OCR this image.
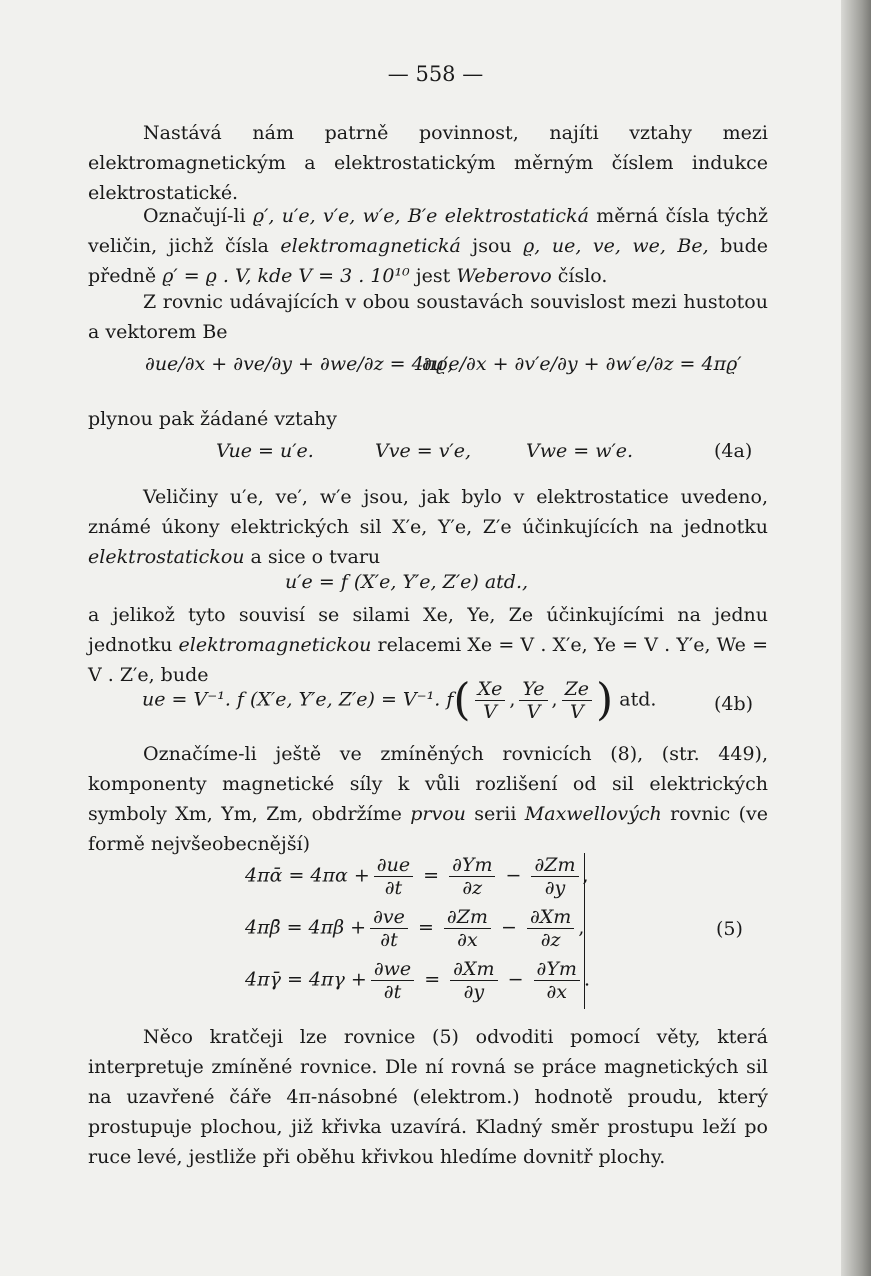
— 558 —
Nastává nám patrně povinnost, najíti vztahy mezi elektromagnetickým a elektrostatickým měrným číslem indukce elektrostatické.
Označují-li ϱ′, u′e, v′e, w′e, B′e elektrostatická měrná čísla týchž veličin, jichž čísla elektromagnetická jsou ϱ, ue, ve, we, Be, bude předně ϱ′ = ϱ . V, kde V = 3 . 10¹⁰ jest Weberovo číslo.
Z rovnic udávajících v obou soustavách souvislost mezi hustotou a vektorem Be
∂ue/∂x + ∂ve/∂y + ∂we/∂z = 4πϱ,
∂u′e/∂x + ∂v′e/∂y + ∂w′e/∂z = 4πϱ′
plynou pak žádané vztahy
Vue = u′e.	Vve = v′e,	Vwe = w′e.	(4a)
Veličiny u′e, ve′, w′e jsou, jak bylo v elektrostatice uvedeno, známé úkony elektrických sil X′e, Y′e, Z′e účinkujících na jednotku elektrostatickou a sice o tvaru
u′e = f (X′e, Y′e, Z′e) atd.,
a jelikož tyto souvisí se silami Xe, Ye, Ze účinkujícími na jednu jednotku elektromagnetickou relacemi Xe = V . X′e, Ye = V . Y′e, We = V . Z′e, bude
ue = V⁻¹. f (X′e, Y′e, Z′e) = V⁻¹. $f( \frac{Xe}{V}$ , $\frac{Ye}{V}$ , $\frac{Ze}{V}$ ) atd.	(4b)
Označíme-li ještě ve zmíněných rovnicích (8), (str. 449), komponenty magnetické síly k vůli rozlišení od sil elektrických symboly Xm, Ym, Zm, obdržíme prvou serii Maxwellových rovnic (ve formě nejvšeobecnější)
4πᾱ = $4\pi\alpha + \frac{\partial ue}{\partial t} = \frac{\partial Ym}{\partial z} - \frac{\partial Zm}{\partial y}$ ,
4πβ̄ = $4\pi\beta + \frac{\partial ve}{\partial t} = \frac{\partial Zm}{\partial x} - \frac{\partial Xm}{\partial z}$ ,
4πγ̄ = $4\pi\gamma + \frac{\partial we}{\partial t} = \frac{\partial Xm}{\partial y} - \frac{\partial Ym}{\partial x}$ .
(5)
Něco kratčeji lze rovnice (5) odvoditi pomocí věty, která interpretuje zmíněné rovnice. Dle ní rovná se práce magnetických sil na uzavřené čáře 4π-násobné (elektrom.) hodnotě proudu, který prostupuje plochou, již křivka uzavírá. Kladný směr prostupu leží po ruce levé, jestliže při oběhu křivkou hledíme dovnitř plochy.
